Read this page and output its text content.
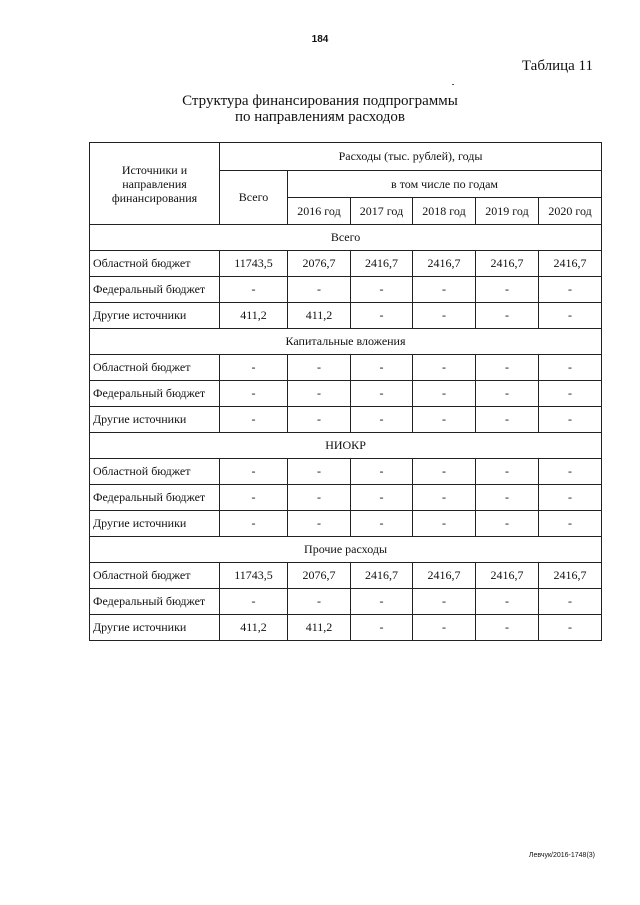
184
Таблица 11
Структура финансирования подпрограммы
по направлениям расходов
Источники и направления финансирования	Расходы (тыс. рублей), годы					
	Всего	в том числе по годам				
		2016 год	2017 год	2018 год	2019 год	2020 год
Всего						
Областной бюджет	11743,5	2076,7	2416,7	2416,7	2416,7	2416,7
Федеральный бюджет	-	-	-	-	-	-
Другие источники	411,2	411,2	-	-	-	-
Капитальные вложения						
Областной бюджет	-	-	-	-	-	-
Федеральный бюджет	-	-	-	-	-	-
Другие источники	-	-	-	-	-	-
НИОКР						
Областной бюджет	-	-	-	-	-	-
Федеральный бюджет	-	-	-	-	-	-
Другие источники	-	-	-	-	-	-
Прочие расходы						
Областной бюджет	11743,5	2076,7	2416,7	2416,7	2416,7	2416,7
Федеральный бюджет	-	-	-	-	-	-
Другие источники	411,2	411,2	-	-	-	-
Левчук/2016-1748(3)
